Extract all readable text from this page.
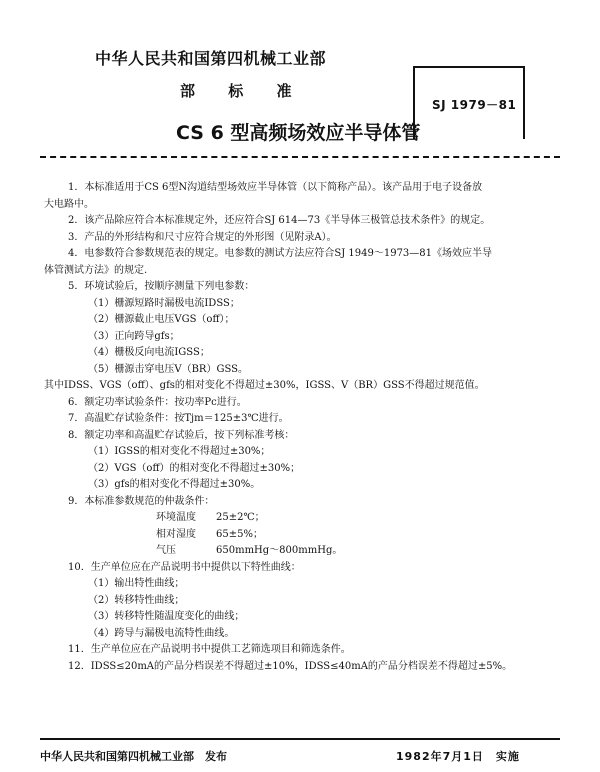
中华人民共和国第四机械工业部
部 标 准
SJ 1979－81
CS 6 型高频场效应半导体管

1．本标准适用于CS 6型N沟道结型场效应半导体管（以下简称产品）。该产品用于电子设备放

大电路中。

2．该产品除应符合本标准规定外，还应符合SJ 614—73《半导体三极管总技术条件》的规定。

3．产品的外形结构和尺寸应符合规定的外形图（见附录A）。

4．电参数符合参数规范表的规定。电参数的测试方法应符合SJ 1949～1973—81《场效应半导

体管测试方法》的规定.

5．环境试验后，按顺序测量下列电参数：

（1）栅源短路时漏极电流IDSS；

（2）栅源截止电压VGS（off）；

（3）正向跨导gfs；

（4）栅极反向电流IGSS；

（5）栅源击穿电压V（BR）GSS。

其中IDSS、VGS（off）、gfs的相对变化不得超过±30%，IGSS、V（BR）GSS不得超过规范值。

6．额定功率试验条件：按功率Pc进行。

7．高温贮存试验条件：按Tjm＝125±3℃进行。

8．额定功率和高温贮存试验后，按下列标准考核：

（1）IGSS的相对变化不得超过±30%；

（2）VGS（off）的相对变化不得超过±30%；

（3）gfs的相对变化不得超过±30%。

9．本标准参数规范的仲裁条件：

环境温度　　25±2℃；

相对湿度　　65±5%；

气压　　　　650mmHg～800mmHg。

10．生产单位应在产品说明书中提供以下特性曲线：

（1）输出特性曲线；

（2）转移特性曲线；

（3）转移特性随温度变化的曲线；

（4）跨导与漏极电流特性曲线。

11．生产单位应在产品说明书中提供工艺筛选项目和筛选条件。

12．IDSS≤20mA的产品分档误差不得超过±10%，IDSS≤40mA的产品分档误差不得超过±5%。

中华人民共和国第四机械工业部　发布	1982年7月1日　实施
